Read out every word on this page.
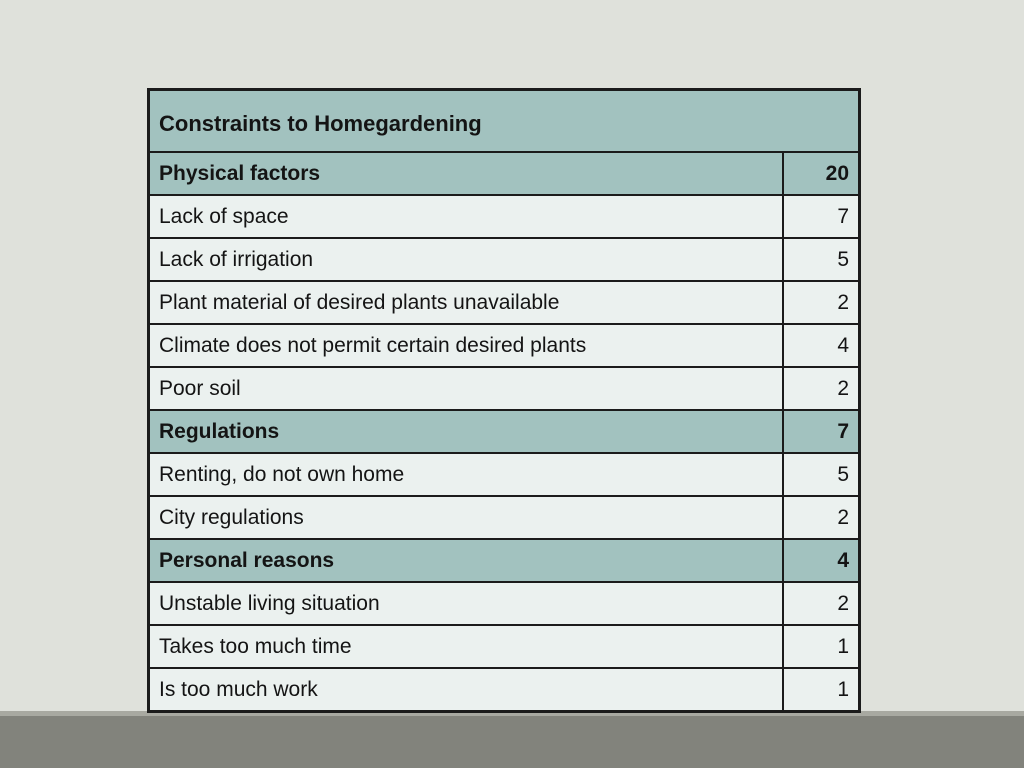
Constraints to Homegardening	
Physical factors	20
Lack of space	7
Lack of irrigation	5
Plant material of desired plants unavailable	2
Climate does not permit certain desired plants	4
Poor soil	2
Regulations	7
Renting, do not own home	5
City regulations	2
Personal reasons	4
Unstable living situation	2
Takes too much time	1
Is too much work	1
